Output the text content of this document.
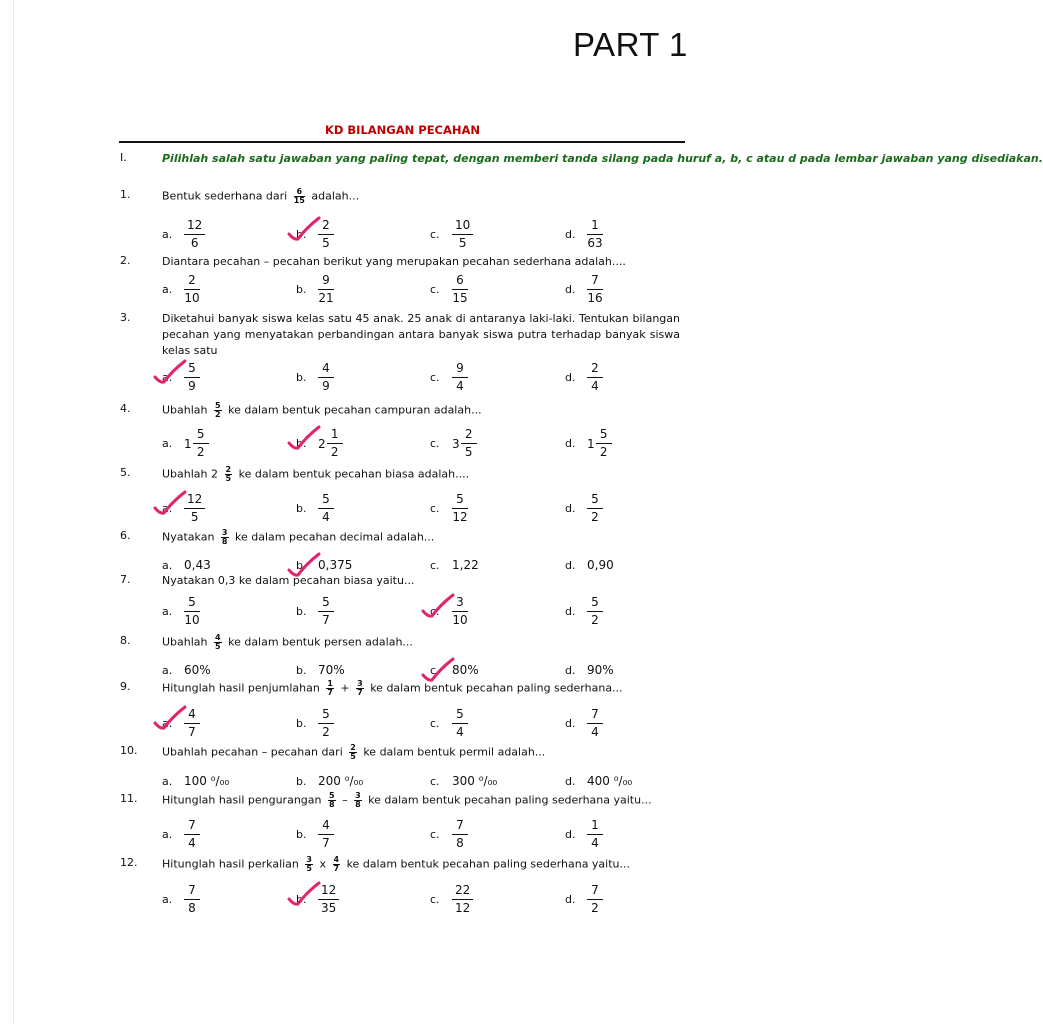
PART 1
KD BILANGAN PECAHAN
I.	Pilihlah salah satu jawaban yang paling tepat, dengan memberi tanda silang pada huruf a, b, c atau d pada lembar jawaban yang disediakan.
1.	Bentuk sederhana dari $\frac{6}{15}$ adalah...
a. $\frac{12}{6}$	b. $\frac{2}{5}$	c.	$\frac{10}{5}$	d. $\frac{1}{63}$
2.	Diantara pecahan – pecahan berikut yang merupakan pecahan sederhana adalah....
a. $\frac{2}{10}$	b. $\frac{9}{21}$	c.	$\frac{6}{15}$	d. $\frac{7}{16}$
3.	Diketahui banyak siswa kelas satu 45 anak. 25 anak di antaranya laki-laki. Tentukan bilangan pecahan yang menyatakan perbandingan antara banyak siswa putra terhadap banyak siswa kelas satu
a. $\frac{5}{9}$	b. $\frac{4}{9}$	c.	$\frac{9}{4}$	d. $\frac{2}{4}$
4.	Ubahlah $\frac{5}{2}$ ke dalam bentuk pecahan campuran adalah...
a. $1 \frac{5}{2}$	b. $2 \frac{1}{2}$	c.	$3 \frac{2}{5}$	d. $1 \frac{5}{2}$
5.	Ubahlah $2 \frac{2}{5}$ ke dalam bentuk pecahan biasa adalah....
a. $\frac{12}{5}$	b. $\frac{5}{4}$	c.	$\frac{5}{12}$	d. $\frac{5}{2}$
6.	Nyatakan $\frac{3}{8}$ ke dalam pecahan decimal adalah...
a. 0,43	b. 0,375	c.	1,22	d. 0,90
7.	Nyatakan 0,3 ke dalam pecahan biasa yaitu...
a. $\frac{5}{10}$	b. $\frac{5}{7}$	c.	$\frac{3}{10}$	d. $\frac{5}{2}$
8.	Ubahlah $\frac{4}{5}$ ke dalam bentuk persen adalah...
a. 60%	b. 70%	c.	80%	d. 90%
9.	Hitunglah hasil penjumlahan $\frac{1}{7} + \frac{3}{7}$ ke dalam bentuk pecahan paling sederhana...
a. $\frac{4}{7}$	b. $\frac{5}{2}$	c.	$\frac{5}{4}$	d. $\frac{7}{4}$
10. Ubahlah pecahan – pecahan dari $\frac{2}{5}$ ke dalam bentuk permil adalah...
a. 100 ⁰/₀₀	b. 200 ⁰/₀₀	c.	300 ⁰/₀₀	d. 400 ⁰/₀₀
11. Hitunglah hasil pengurangan $\frac{5}{8} - \frac{3}{8}$ ke dalam bentuk pecahan paling sederhana yaitu...
a. $\frac{7}{4}$	b. $\frac{4}{7}$	c.	$\frac{7}{8}$	d. $\frac{1}{4}$
12. Hitunglah hasil perkalian $\frac{3}{5}$ x $\frac{4}{7}$ ke dalam bentuk pecahan paling sederhana yaitu...
a. $\frac{7}{8}$	b. $\frac{12}{35}$	c.	$\frac{22}{12}$	d. $\frac{7}{2}$
